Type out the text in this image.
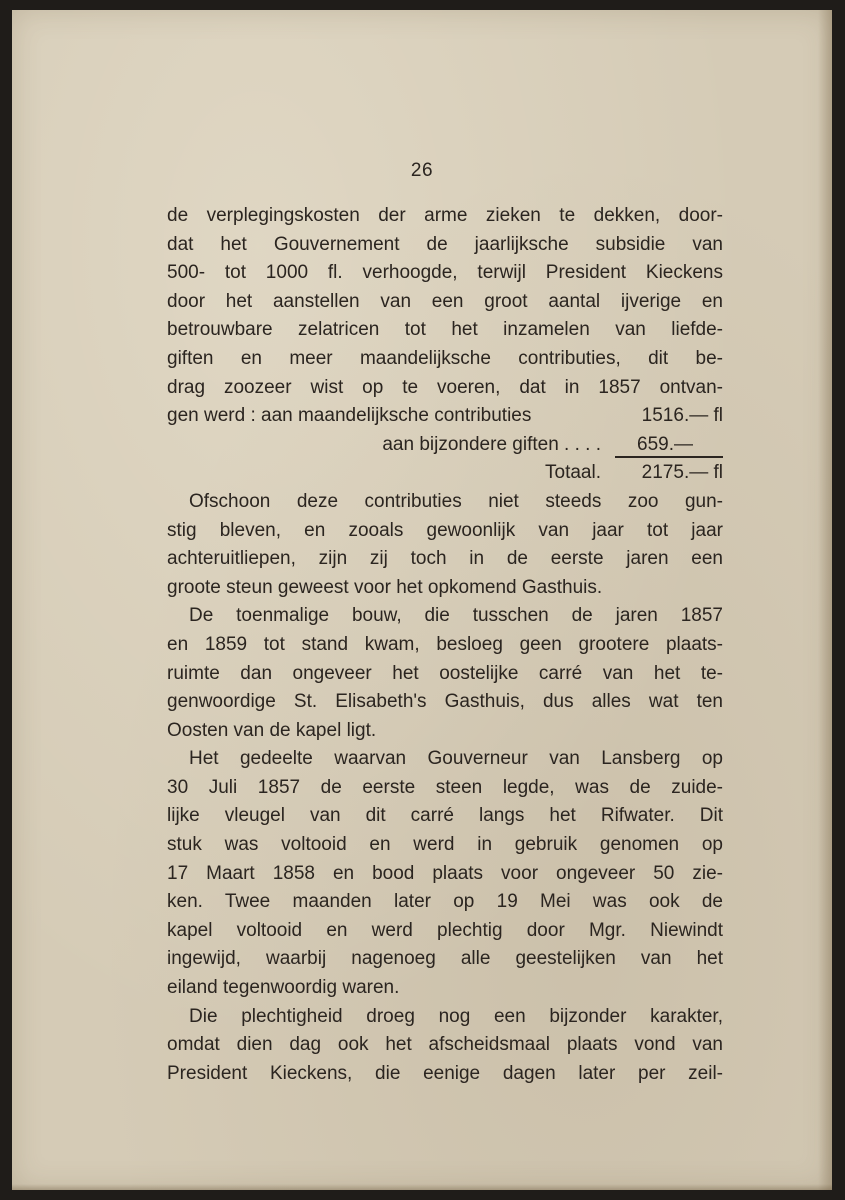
26
de verplegingskosten der arme zieken te dekken, door-
dat het Gouvernement de jaarlijksche subsidie van
500- tot 1000 fl. verhoogde, terwijl President Kieckens
door het aanstellen van een groot aantal ijverige en
betrouwbare zelatricen tot het inzamelen van liefde-
giften en meer maandelijksche contributies, dit be-
drag zoozeer wist op te voeren, dat in 1857 ontvan-
gen werd : aan maandelijksche contributies	1516.— fl
aan bijzondere giften . . . .	659.—
Totaal.	2175.— fl
Ofschoon deze contributies niet steeds zoo gun-
stig bleven, en zooals gewoonlijk van jaar tot jaar
achteruitliepen, zijn zij toch in de eerste jaren een
groote steun geweest voor het opkomend Gasthuis.
De toenmalige bouw, die tusschen de jaren 1857
en 1859 tot stand kwam, besloeg geen grootere plaats-
ruimte dan ongeveer het oostelijke carré van het te-
genwoordige St. Elisabeth's Gasthuis, dus alles wat ten
Oosten van de kapel ligt.
Het gedeelte waarvan Gouverneur van Lansberg op
30 Juli 1857 de eerste steen legde, was de zuide-
lijke vleugel van dit carré langs het Rifwater. Dit
stuk was voltooid en werd in gebruik genomen op
17 Maart 1858 en bood plaats voor ongeveer 50 zie-
ken. Twee maanden later op 19 Mei was ook de
kapel voltooid en werd plechtig door Mgr. Niewindt
ingewijd, waarbij nagenoeg alle geestelijken van het
eiland tegenwoordig waren.
Die plechtigheid droeg nog een bijzonder karakter,
omdat dien dag ook het afscheidsmaal plaats vond van
President Kieckens, die eenige dagen later per zeil-
